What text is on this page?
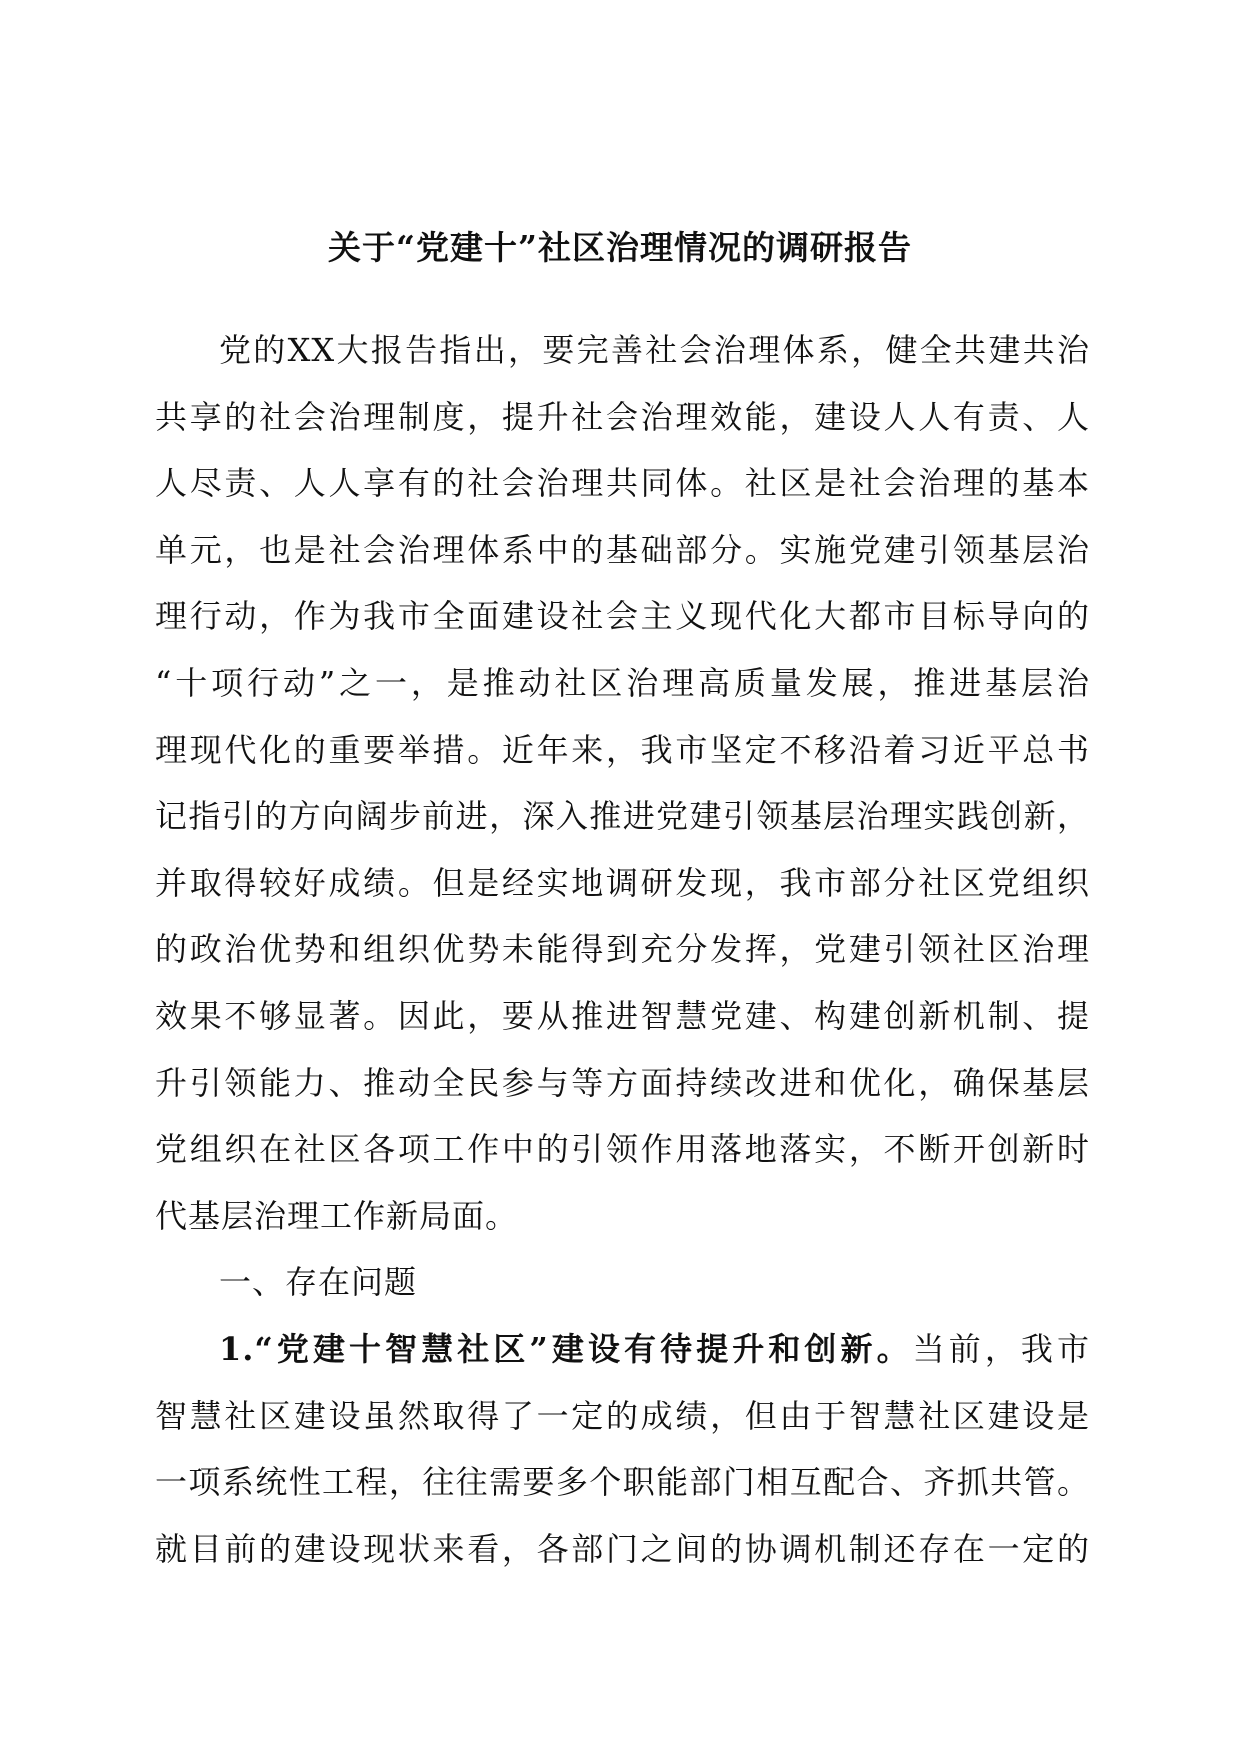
关于“党建十”社区治理情况的调研报告
党的XX大报告指出，要完善社会治理体系，健全共建共治
共享的社会治理制度，提升社会治理效能，建设人人有责、人
人尽责、人人享有的社会治理共同体。社区是社会治理的基本
单元，也是社会治理体系中的基础部分。实施党建引领基层治
理行动，作为我市全面建设社会主义现代化大都市目标导向的
“十项行动”之一，是推动社区治理高质量发展，推进基层治
理现代化的重要举措。近年来，我市坚定不移沿着习近平总书
记指引的方向阔步前进，深入推进党建引领基层治理实践创新，
并取得较好成绩。但是经实地调研发现，我市部分社区党组织
的政治优势和组织优势未能得到充分发挥，党建引领社区治理
效果不够显著。因此，要从推进智慧党建、构建创新机制、提
升引领能力、推动全民参与等方面持续改进和优化，确保基层
党组织在社区各项工作中的引领作用落地落实，不断开创新时
代基层治理工作新局面。
一、存在问题
1.“党建十智慧社区”建设有待提升和创新。当前，我市
智慧社区建设虽然取得了一定的成绩，但由于智慧社区建设是
一项系统性工程，往往需要多个职能部门相互配合、齐抓共管。
就目前的建设现状来看，各部门之间的协调机制还存在一定的
